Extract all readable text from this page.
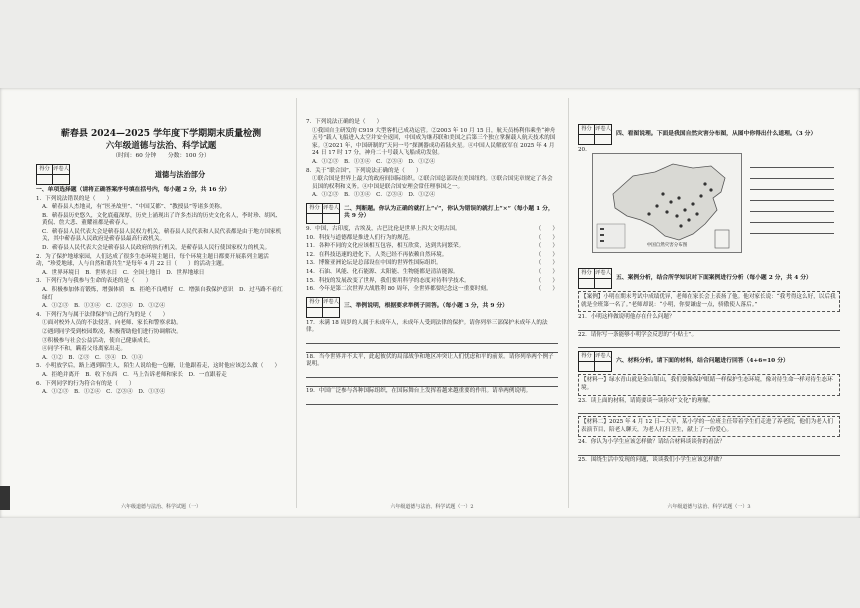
蕲春县 2024—2025 学年度下学期期末质量检测
六年级道德与法治、科学试题
（时间：60 分钟　　分数：100 分）
得分 评卷人
道德与法治部分
一、单项选择题（请将正确答案序号填在括号内，每小题 2 分，共 16 分）

1．下列说法错误的是（　　）

A．蕲春县人杰地灵，有“医圣故里”、“中国艾都”、“教授县”等诸多美称。

B．蕲春县历史悠久，文化底蕴深厚，历史上涌现出了许多杰出的历史文化名人，李时珍、胡风、黄侃、詹大悲、董耀祖都是蕲春人。

C．蕲春县人民代表大会是蕲春县人民权力机关，蕲春县人民代表和人民代表都是由于地方国家机关，其中蕲春县人民政府是蕲春县最高行政机关。

D．蕲春县人民代表大会是蕲春县人民政府的执行机关，是蕲春县人民行使国家权力的机关。

2．为了保护地球家园，人们达成了很多生态环境主题日，每个环境主题日都要开展系列主题活动，“珍爱地球，人与自然和谐共生”是每年 4 月 22 日（　　）的活动主题。

A．世界环境日　B．世界水日　C．全国土地日　D．世界地球日

3．下列行为与我参与生命的表述的是（　　）

A．积极参加体育锻炼，增强体质　B．拒绝不良嗜好　C．增强自我保护意识　D．过马路不看红绿灯

A．①②③　B．①③④　C．②③④　D．①②④

4．下列行为与属于法律保护自己的行为的是（　　）

①面对校外人员的不法侵害，向老师、家长和警察求助。

②遇到同学受到校园欺凌，积极帮助他们进行协调解决。

③积极参与社会公益活动，使自己健康成长。

④同学不和，瞒着父母离家出走。

A．①②　B．②③　C．③④　D．①④

5．小明放学后，路上遇到陌生人，陌生人说给他一包糖，让他跟着走，这时他应该怎么做（　　）

A．拒绝并离开　B．收下东西　C．马上告诉老师和家长　D．一直跟着走

6．下列同学的行为符合有的是（　　）

A．①②③　B．①②④　C．②③④　D．①③④

六年级道德与法治、科学试题（一）

7．下列说法正确的是（　　）

①我国自主研发的 C919 大型客机已成功运营。②2003 年 10 月 15 日，航天员杨利伟乘坐“神舟五号”载人飞船进入太空并安全返回，中国成为继苏联和美国之后第三个独立掌握载人航天技术的国家。③2021 年，中国研制的“天问一号”探测器成功着陆火星。④中国人民解放军在 2025 年 4 月 24 日 17 时 17 分，神舟二十号载人飞船成功发射。

A．①②③　B．①③④　C．②③④　D．①②④

8．关于“联合国”，下列说法正确的是（　　）

①联合国是世界上最大的政府间国际组织。②联合国总部设在美国纽约。③联合国宪章规定了各会员国的权利和义务。④中国是联合国安理会常任理事国之一。

A．①②③　B．①③④　C．②③④　D．①②④

得分 评卷人 二、判断题。你认为正确的就打上“√”，你认为错误的就打上“×”（每小题 1 分，共 9 分）

9．中国，古印度，古埃及，古巴比伦是世界上四大文明古国。	（　　）

10．科技与道德都是推进人们行为的规范。	（　　）

11．各种不同的文化应该相互包容，相互欣赏，达到共同繁荣。	（　　）

12．在科技迅速的进化下，人类已经不再依赖自然环境。	（　　）

13．博鳌亚洲论坛是总部设在中国的世界性国际组织。	（　　）

14．石油、风能、化石能源、太阳能、生物能都是清洁能源。	（　　）

15．科技的发展改变了世界，我们要用科学的态度对待科学技术。	（　　）

16．今年是第二次世界大战胜利 80 周年，全世界都要纪念这一重要时刻。	（　　）

得分 评卷人
三、举例说明，根据要求举例子回答。（每小题 3 分，共 9 分）

17．未满 18 周岁的人属于未成年人，未成年人受到法律的保护。请你列举三部保护未成年人的法律。

18．当今世界并不太平，此起彼伏的局部战争和地区冲突让人们忧虑和平的前景。请你列举两个例子说明。

19．中国广泛参与各种国际组织，在国际舞台上发挥着越来越重要的作用。请举两例说明。

六年级道德与法治、科学试题（一）2
得分 评卷人
四、看图说理。下面是我国自然灾害分布图，从图中你得出什么道理。（3 分）
20.
中国自然灾害分布图
得分 评卷人
五、案例分析，结合所学知识对下面案例进行分析（每小题 2 分，共 4 分）
【案例】小明在期末考试中成绩优异，老师在家长会上表扬了他。他对家长说：“我考得这么好，以后我就是全班第一名了。”老师却说：“小明，你要谦虚一点，骄傲使人落后。”

21．小明这样做说明他存在什么问题？

22．请你写一条能够小明学会反思的“小贴士”。

得分 评卷人
六、材料分析。请下面的材料，结合问题进行回答（4+6=10 分）
【材料一】绿水青山就是金山银山，我们要像保护眼睛一样保护生态环境，像对待生命一样对待生态环境。

23．读上面的材料，请简要谈一谈你对“文化”的理解。

【材料二】2025 年 4 月 12 日—大早，某小学的一位班主任带着学生们走进了养老院，他们为老人们表演节目，陪老人聊天，为老人打扫卫生，献上了一份爱心。

24．你认为小学生应该怎样做？请结合材料谈谈你的看法？

25．围绕生活中发现的问题，谈谈我们小学生应该怎样做？

六年级道德与法治、科学试题（一）3
